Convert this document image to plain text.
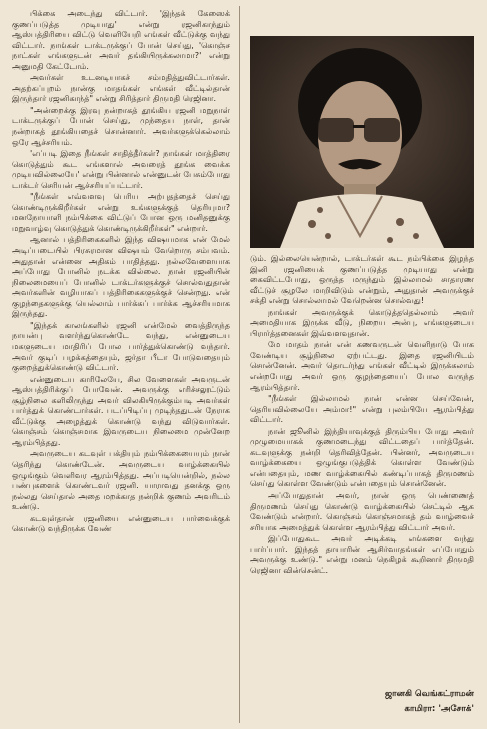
பிக்கை அடைந்து விட்டார். 'இந்தக் கேஸைக் குணப்படுத்த முடியாது' என்று ரஜனிகாந்தும் ஆஸ்பத்திரியை விட்டு வெளியேறி எங்கள் வீட்டுக்கு வந்து விட்டார். நாங்கள் டாக்டருக்குப் போன் செய்து, 'கொஞ்ச நாட்கள் எங்களுடன் அவர் தங்கியிருக்கலாமா?' என்று அனுமதி கேட்டோம்.

அவர்கள் உடனடியாகச் சம்மதித்துவிட்டார்கள். அதற்கப்புறம் நான்கு மாதங்கள் எங்கள் வீட்டில்தான் இருந்தார் ரஜனிகாந்த்" என்று சிரித்தார் திருமதி ரெஜினா.

"அன்றைக்கு இரவு நன்றாகத் தூங்கிய ரஜனி மறுநாள் டாக்டருக்குப் போன் செய்து, முந்தைய நாள், தான் நன்றாகத் தூங்கியதைச் சொன்னார். அவர்களுக்கெல்லாம் ஒரே ஆச்சரியம்.

'எப்படி இதை நீங்கள் சாதித்தீர்கள்? நாங்கள் மாத்திரை கொடுத்தும் கூட எங்களால் அவரைத் தூங்க வைக்க முடியவில்லையே' என்று பின்னால் என்னுடன் பேசும்போது டாக்டர் செரியன் ஆச்சரியப்பட்டார்.

"நீங்கள் எவ்வளவு பெரிய அற்புதத்தைச் செய்து கொண்டிருக்கிறீர்கள் என்று உங்களுக்குத் தெரியுமா? மனநோயாளி நம்பிக்கை விட்டுப் போன ஒரு மனிதனுக்கு மறுவாழ்வு கொடுத்துக் கொண்டிருக்கிறீர்கள்" என்றார்.

ஆனால் பத்திரிகைகளில் இந்த விஷயமாக என் மேல் அடிப்படையில் பிரசுரமான விஷயம் வேறொரு சம்பவம். அதுதான் என்னை அதிகம் பாதித்தது. நல்லவேளையாக அப்போது போனில் நடக்க வில்லை. நான் ரஜனியின் நிலைமையைப் போனில் டாக்டர்களுக்குச் சொல்வதுதான் அவர்களின் வழியாகப் பத்திரிகைகளுக்குச் சென்றது. என் குழந்தைகளுக்கு யெல்லாம் பார்க்கப் பார்க்க ஆச்சரியமாக இருந்தது.

"இந்தக் காலங்களில் ரஜனி என்மேல் வைத்திருந்த நாயன்பு வளர்ந்துகொண்டே வந்து, என்னுடைய மகளுடைய மாதிரிப் போல பார்த்துக்கொண்டு வந்தார். அவர் குடிப் பழக்கத்தையும், ஜர்தா பீடா போடுவதையும் குறைத்துக்கொண்டு விட்டார்.

என்னுடைய காரிலேயே, சில வேளைகள் அவருடன் ஆஸ்பத்திரிக்குப் போவேன். அவருக்கு எரிச்சலூட்டும் சூழ்நிலை களிலிருந்து அவர் விலகியிருக்கும்படி அவர்கள் பார்த்துக் கொண்டார்கள். படப்பிடிப்பு முடிந்ததுடன் நேராக வீட்டுக்கு அழைத்துக் கொண்டு வந்து விடுவார்கள். கொஞ்சம் கொஞ்சமாக இவருடைய நிலைமை முன்னேற ஆரம்பித்தது.

அவருடைய கடவுள் பக்தியும் நம்பிக்கையையும் நான் தெரிந்து கொண்டேன். அவருடைய வாழ்க்கையில் ஒழுங்கும் வெளிவர ஆரம்பித்தது. அப்படியென்றில், நல்ல பண்புகளைக் கொண்டவர் ரஜனி. யாராவது தனக்கு ஒரு நல்லது செய்தால் அதை மறக்காத நன்றிக் குணம் அவரிடம் உண்டு.

கடவுள்தான் ரஜனியை என்னுடைய பார்வைக்குக் கொண்டு வந்திருக்க வேண்

டும். இல்லையென்றால், டாக்டர்கள் கூட நம்பிக்கை இழந்த இனி ரஜனியைக் குணப்படுத்த முடியாது என்று கைவிட்டபோது, ஒருத்த மருந்தும் இல்லாமல் சாதாரண வீட்டுச் சூழலே மாறிவிடும் என்றும், அதுதான் அவருக்குச் சக்தி என்று சொல்லாமல் வேறென்ன சொல்வது!

நாங்கள் அவருக்குக் கொடுத்ததெல்லாம் அவர் அமைதியாக இருக்க வீடு, நிறைய அன்பு, எங்களுடைய பிரார்த்தனைகள் இவ்வளவுதான்.

மே மாதம் நான் என் கணவருடன் வெளிநாடு போக வேண்டிய சூழ்நிலை ஏற்பட்டது. இதை ரஜனியிடம் சொன்னேன். அவர் தொடர்ந்து எங்கள் வீட்டில் இருக்கலாம் என்றபோது அவர் ஒரு குழந்தையைப் போல வருந்த ஆரம்பித்தார்.

"நீங்கள் இல்லாமல் நான் என்ன செய்வேன், தெரியவில்லையே அம்மா!" என்று புலம்பியே ஆரம்பித்து விட்டார்.

நான் ஜூனில் இந்தியாவுக்குத் திரும்பிய போது அவர் முழுமையாகக் குணமடைந்து விட்டதைப் பார்த்தேன். கடவுளுக்கு நன்றி தெரிவித்தேன். பின்னர், அவருடைய வாழ்க்கையை ஒழுங்குபடுத்திக் கொள்ள வேண்டும் என்பதையும், மண வாழ்க்கையில் கண்டிப்பாகத் திருமணம் செய்து கொள்ள வேண்டும் என்பதையும் சொன்னேன்.

அப்போதுதான் அவர், நான் ஒரு பெண்ணைத் திருமணம் செய்து கொண்டு வாழ்க்கையில் செட்டில் ஆக வேண்டும் என்றார். கொஞ்சம் கொஞ்சமாகத் தம் வாழ்வைச் சரியாக அமைத்துக் கொள்ள ஆரம்பித்து விட்டார் அவர்.

இப்போதுகூட அவர் அடிக்கடி எங்களை வந்து பார்ப்பார். இந்தத் தாயாரின் ஆசிர்வாதங்கள் எப்போதும் அவருக்கு உண்டு." என்று மனம் நெகிழக் கூறினார் திருமதி ரெஜினா வின்சென்ட்.

ஜானகி வெங்கட்ராமன்
காமிரா: 'அசோக்'
